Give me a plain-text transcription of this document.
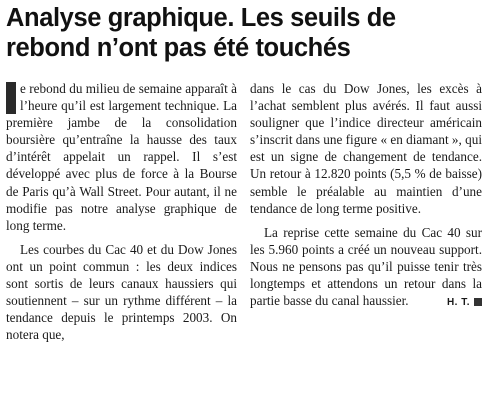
Analyse graphique. Les seuils de rebond n’ont pas été touchés

e rebond du milieu de semaine apparaît à l’heure qu’il est largement technique. La première jambe de la consolidation boursière qu’entraîne la hausse des taux d’intérêt appelait un rappel. Il s’est développé avec plus de force à la Bourse de Paris qu’à Wall Street. Pour autant, il ne modifie pas notre analyse graphique de long terme.

Les courbes du Cac 40 et du Dow Jones ont un point commun : les deux indices sont sortis de leurs canaux haussiers qui soutiennent – sur un rythme différent – la tendance depuis le printemps 2003. On notera que,

dans le cas du Dow Jones, les excès à l’achat semblent plus avérés. Il faut aussi souligner que l’indice directeur américain s’inscrit dans une figure « en diamant », qui est un signe de changement de tendance. Un retour à 12.820 points (5,5 % de baisse) semble le préalable au maintien d’une tendance de long terme positive.

La reprise cette semaine du Cac 40 sur les 5.960 points a créé un nouveau support. Nous ne pensons pas qu’il puisse tenir très longtemps et attendons un retour dans la partie basse du canal haussier.	H. T.
